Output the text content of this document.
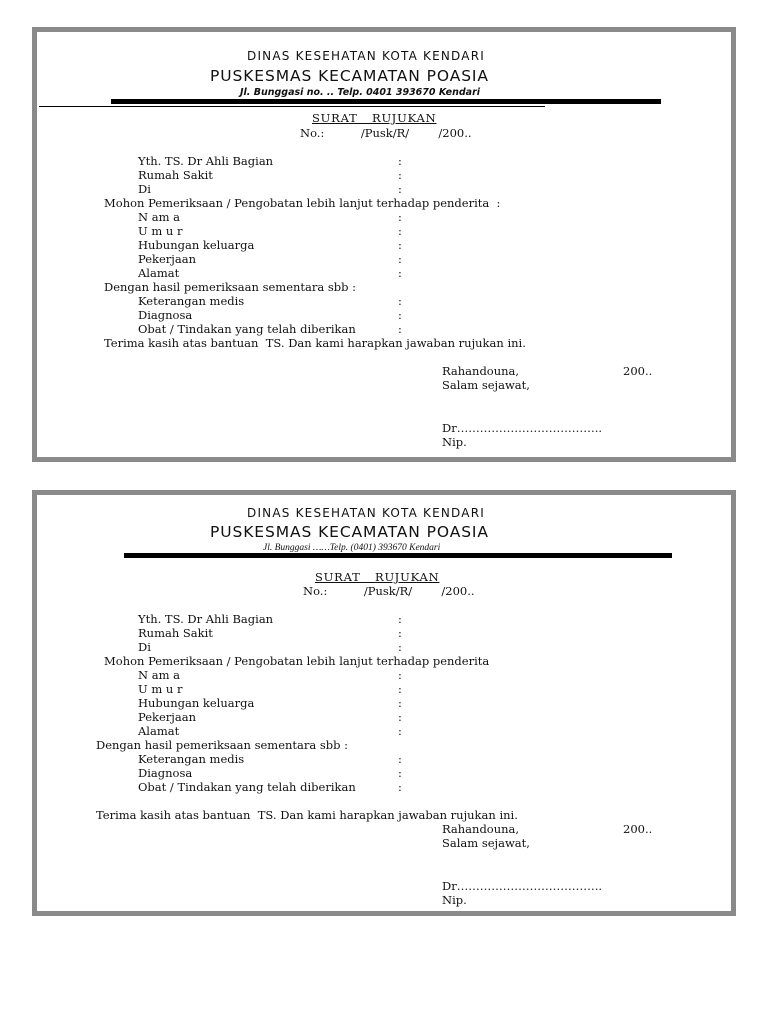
DINAS KESEHATAN KOTA KENDARI
PUSKESMAS KECAMATAN POASIA
Jl. Bunggasi no. .. Telp. 0401 393670 Kendari
SURAT RUJUKAN
No.:          /Pusk/R/        /200..
Yth. TS. Dr Ahli Bagian	:
Rumah Sakit	:
Di	:
Mohon Pemeriksaan / Pengobatan lebih lanjut terhadap penderita  :
N am a	:
U m u r	:
Hubungan keluarga	:
Pekerjaan	:
Alamat	:
Dengan hasil pemeriksaan sementara sbb :
Keterangan medis	:
Diagnosa	:
Obat / Tindakan yang telah diberikan	:
Terima kasih atas bantuan  TS. Dan kami harapkan jawaban rujukan ini.
Rahandouna,	200..
Salam sejawat,
Dr………………………………..
Nip.
DINAS KESEHATAN KOTA KENDARI
PUSKESMAS KECAMATAN POASIA
Jl. Bunggasi ……Telp. (0401) 393670 Kendari
SURAT RUJUKAN
No.:          /Pusk/R/        /200..
Yth. TS. Dr Ahli Bagian	:
Rumah Sakit	:
Di	:
Mohon Pemeriksaan / Pengobatan lebih lanjut terhadap penderita
N am a	:
U m u r	:
Hubungan keluarga	:
Pekerjaan	:
Alamat	:
Dengan hasil pemeriksaan sementara sbb :
Keterangan medis	:
Diagnosa	:
Obat / Tindakan yang telah diberikan	:
Terima kasih atas bantuan  TS. Dan kami harapkan jawaban rujukan ini.
Rahandouna,	200..
Salam sejawat,
Dr………………………………..
Nip.
